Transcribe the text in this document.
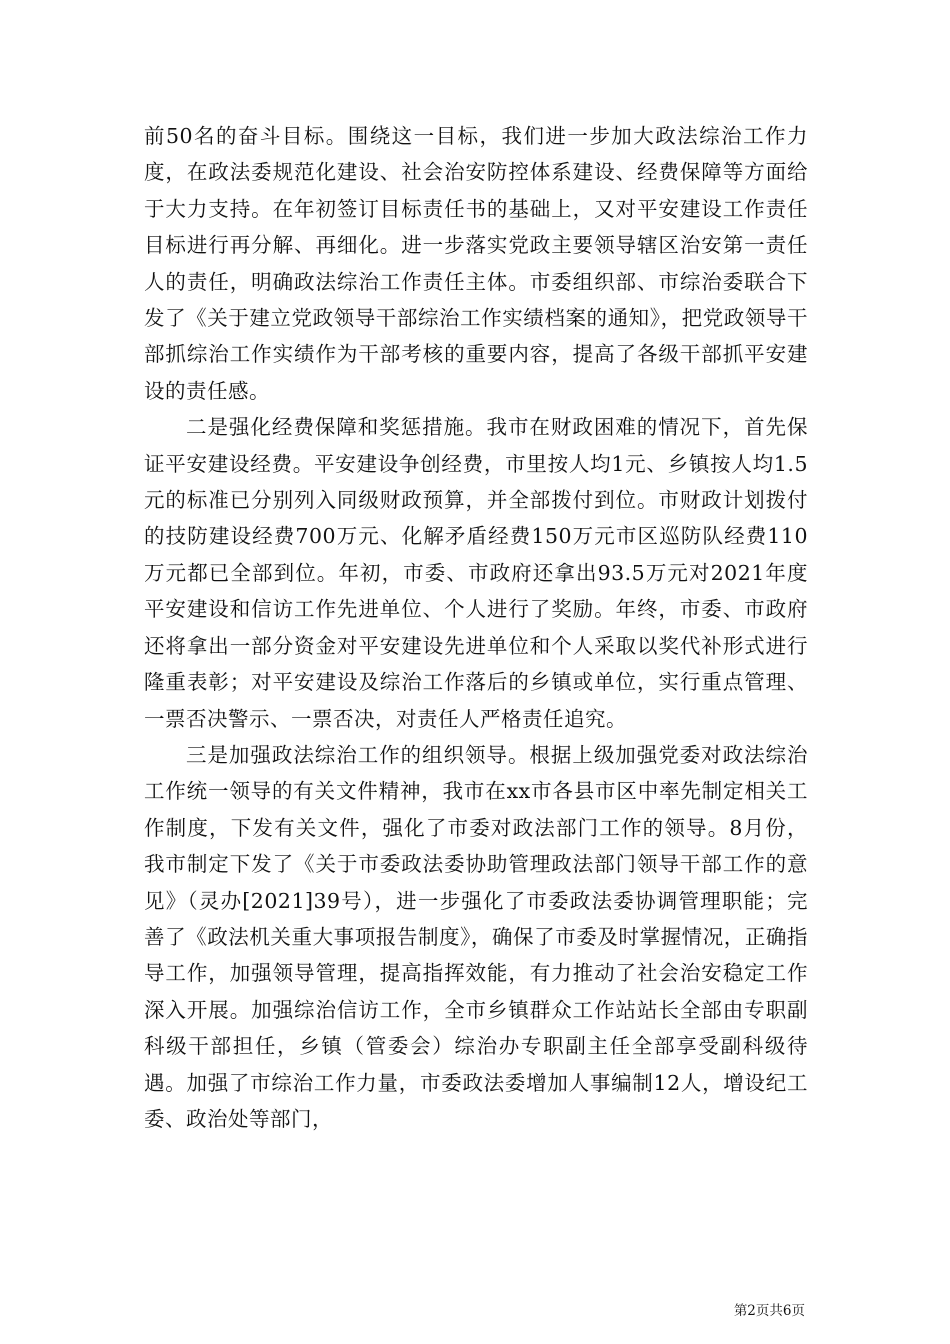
前50名的奋斗目标。围绕这一目标，我们进一步加大政法综治工作力度，在政法委规范化建设、社会治安防控体系建设、经费保障等方面给于大力支持。在年初签订目标责任书的基础上，又对平安建设工作责任目标进行再分解、再细化。进一步落实党政主要领导辖区治安第一责任人的责任，明确政法综治工作责任主体。市委组织部、市综治委联合下发了《关于建立党政领导干部综治工作实绩档案的通知》，把党政领导干部抓综治工作实绩作为干部考核的重要内容，提高了各级干部抓平安建设的责任感。

二是强化经费保障和奖惩措施。我市在财政困难的情况下，首先保证平安建设经费。平安建设争创经费，市里按人均1元、乡镇按人均1.5元的标准已分别列入同级财政预算，并全部拨付到位。市财政计划拨付的技防建设经费700万元、化解矛盾经费150万元市区巡防队经费110万元都已全部到位。年初，市委、市政府还拿出93.5万元对2021年度平安建设和信访工作先进单位、个人进行了奖励。年终，市委、市政府还将拿出一部分资金对平安建设先进单位和个人采取以奖代补形式进行隆重表彰；对平安建设及综治工作落后的乡镇或单位，实行重点管理、一票否决警示、一票否决，对责任人严格责任追究。

三是加强政法综治工作的组织领导。根据上级加强党委对政法综治工作统一领导的有关文件精神，我市在xx市各县市区中率先制定相关工作制度，下发有关文件，强化了市委对政法部门工作的领导。8月份，我市制定下发了《关于市委政法委协助管理政法部门领导干部工作的意见》（灵办[2021]39号），进一步强化了市委政法委协调管理职能；完善了《政法机关重大事项报告制度》，确保了市委及时掌握情况，正确指导工作，加强领导管理，提高指挥效能，有力推动了社会治安稳定工作深入开展。加强综治信访工作，全市乡镇群众工作站站长全部由专职副科级干部担任，乡镇（管委会）综治办专职副主任全部享受副科级待遇。加强了市综治工作力量，市委政法委增加人事编制12人，增设纪工委、政治处等部门，

第2页共6页
